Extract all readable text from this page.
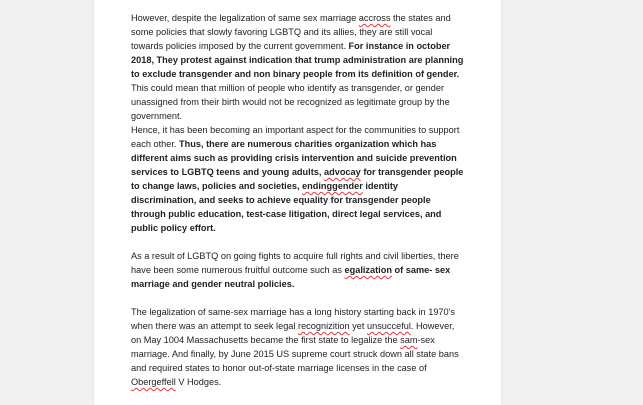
However, despite the legalization of same sex marriage accross the states and some policies that slowly favoring LGBTQ and its allies, they are still vocal towards policies imposed by the current government. For instance in october 2018, They protest against indication that trump administration are planning to exclude transgender and non binary people from its definition of gender. This could mean that million of people who identify as transgender, or gender unassigned from their birth would not be recognized as legitimate group by the government.

Hence, it has been becoming an important aspect for the communities to support each other. Thus, there are numerous charities organization which has different aims such as providing crisis intervention and suicide prevention services to LGBTQ teens and young adults, advocay for transgender people to change laws, policies and societies, endinggender identity discrimination, and seeks to achieve equality for transgender people through public education, test-case litigation, direct legal services, and public policy effort.

As a result of LGBTQ on going fights to acquire full rights and civil liberties, there have been some numerous fruitful outcome such as egalization of same- sex marriage and gender neutral policies.

The legalization of same-sex marriage has a long history starting back in 1970's when there was an attempt to seek legal recognizition yet unsucceful. However, on May 1004 Massachusetts became the first state to legalize the sam-sex marriage. And finally, by June 2015 US supreme court struck down all state bans and required states to honor out-of-state marriage licenses in the case of Obergeffell V Hodges.
